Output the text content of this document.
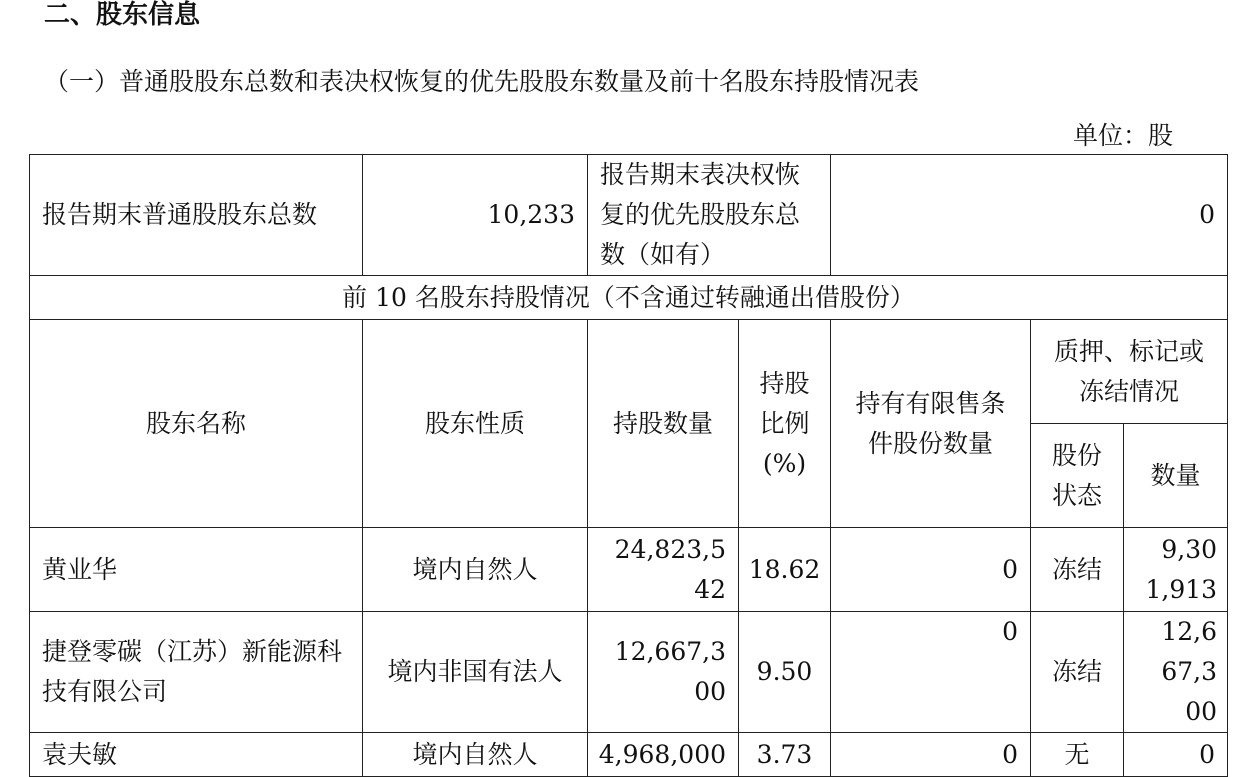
二、股东信息
（一）普通股股东总数和表决权恢复的优先股股东数量及前十名股东持股情况表
单位：股
报告期末普通股股东总数	10,233	报告期末表决权恢复的优先股股东总数（如有）		0		
前 10 名股东持股情况（不含通过转融通出借股份）						
股东名称	股东性质	持股数量	持股比例(%)	持有有限售条件股份数量	质押、标记或冻结情况	
					股份状态	数量
黄业华	境内自然人	24,823,542	18.62	0	冻结	9,301,913
捷登零碳（江苏）新能源科技有限公司	境内非国有法人	12,667,300	9.50	0	冻结	12,667,300
袁夫敏	境内自然人	4,968,000	3.73	0	无	0
